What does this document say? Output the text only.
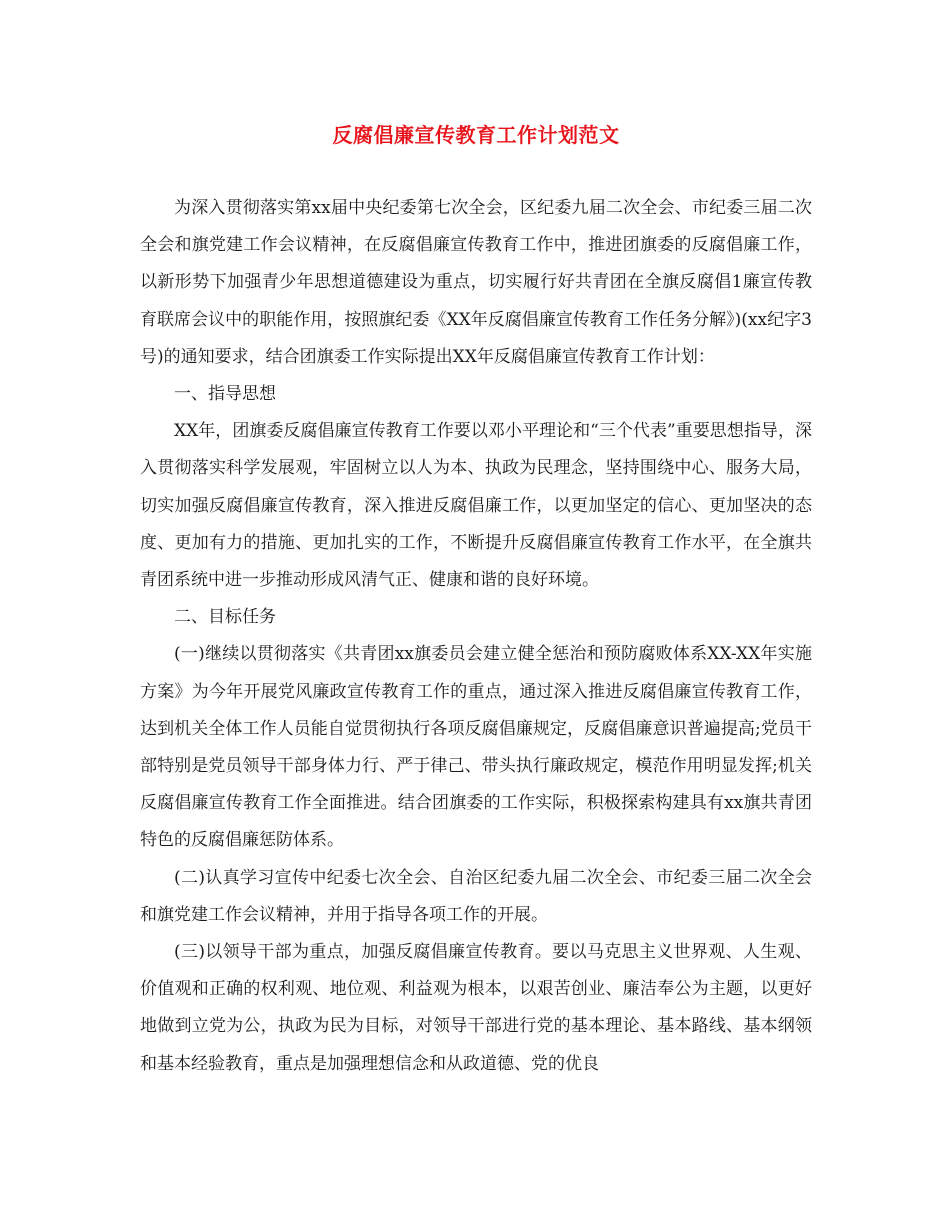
反腐倡廉宣传教育工作计划范文

为深入贯彻落实第xx届中央纪委第七次全会，区纪委九届二次全会、市纪委三届二次全会和旗党建工作会议精神，在反腐倡廉宣传教育工作中，推进团旗委的反腐倡廉工作，以新形势下加强青少年思想道德建设为重点，切实履行好共青团在全旗反腐倡1廉宣传教育联席会议中的职能作用，按照旗纪委《XX年反腐倡廉宣传教育工作任务分解》)(xx纪字3号)的通知要求，结合团旗委工作实际提出XX年反腐倡廉宣传教育工作计划：

一、指导思想

XX年，团旗委反腐倡廉宣传教育工作要以邓小平理论和“三个代表”重要思想指导，深入贯彻落实科学发展观，牢固树立以人为本、执政为民理念，坚持围绕中心、服务大局，切实加强反腐倡廉宣传教育，深入推进反腐倡廉工作，以更加坚定的信心、更加坚决的态度、更加有力的措施、更加扎实的工作，不断提升反腐倡廉宣传教育工作水平，在全旗共青团系统中进一步推动形成风清气正、健康和谐的良好环境。

二、目标任务

(一)继续以贯彻落实《共青团xx旗委员会建立健全惩治和预防腐败体系XX-XX年实施方案》为今年开展党风廉政宣传教育工作的重点，通过深入推进反腐倡廉宣传教育工作，达到机关全体工作人员能自觉贯彻执行各项反腐倡廉规定，反腐倡廉意识普遍提高;党员干部特别是党员领导干部身体力行、严于律己、带头执行廉政规定，模范作用明显发挥;机关反腐倡廉宣传教育工作全面推进。结合团旗委的工作实际，积极探索构建具有xx旗共青团特色的反腐倡廉惩防体系。

(二)认真学习宣传中纪委七次全会、自治区纪委九届二次全会、市纪委三届二次全会和旗党建工作会议精神，并用于指导各项工作的开展。

(三)以领导干部为重点，加强反腐倡廉宣传教育。要以马克思主义世界观、人生观、价值观和正确的权利观、地位观、利益观为根本，以艰苦创业、廉洁奉公为主题，以更好地做到立党为公，执政为民为目标，对领导干部进行党的基本理论、基本路线、基本纲领和基本经验教育，重点是加强理想信念和从政道德、党的优良
